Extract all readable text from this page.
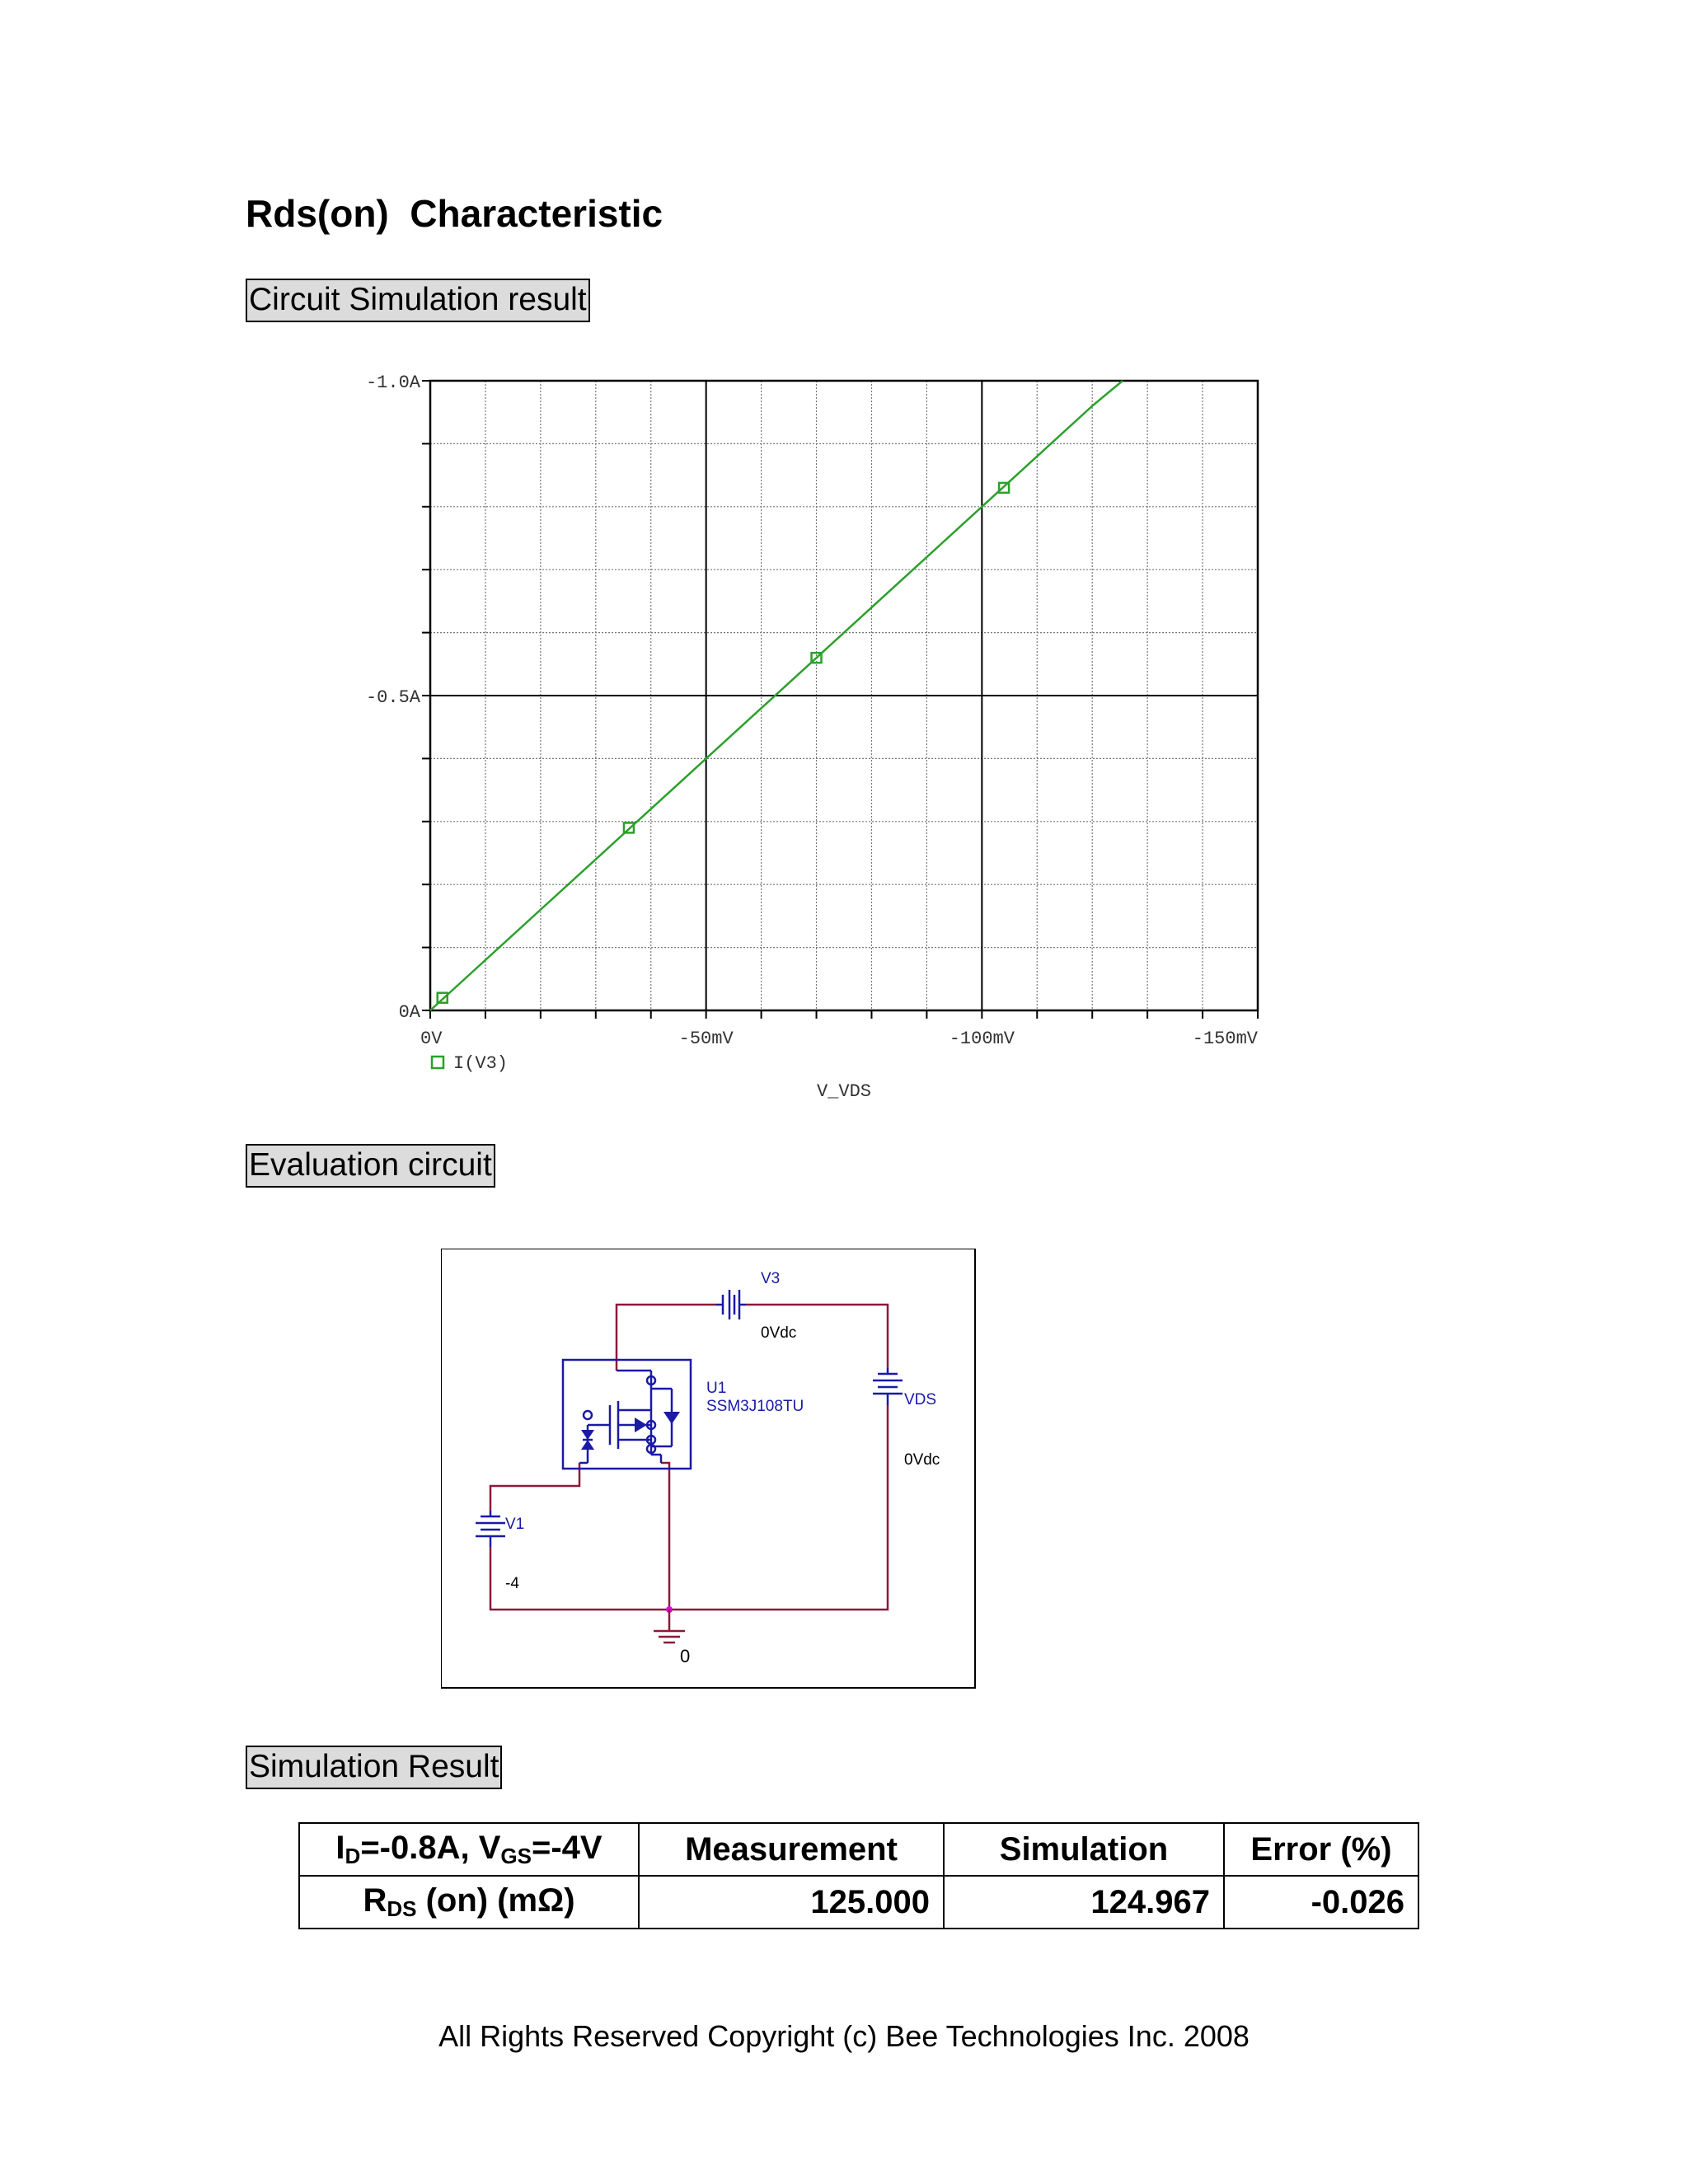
Rds(on)  Characteristic
Circuit Simulation result
0V	-50mV	-100mV	-150mV
-1.0A
-0.5A
0A
I(V3)
V_VDS
Evaluation circuit
V3
0Vdc
U1
SSM3J108TU	VDS
0Vdc
V1
-4
0
Simulation Result
$I_D=-0.8A$, $V_{GS}=-4V$	Measurement	Simulation	Error (%)
$R_{DS}$ (on) (mΩ)	125.000	124.967	-0.026
All Rights Reserved Copyright (c) Bee Technologies Inc. 2008
